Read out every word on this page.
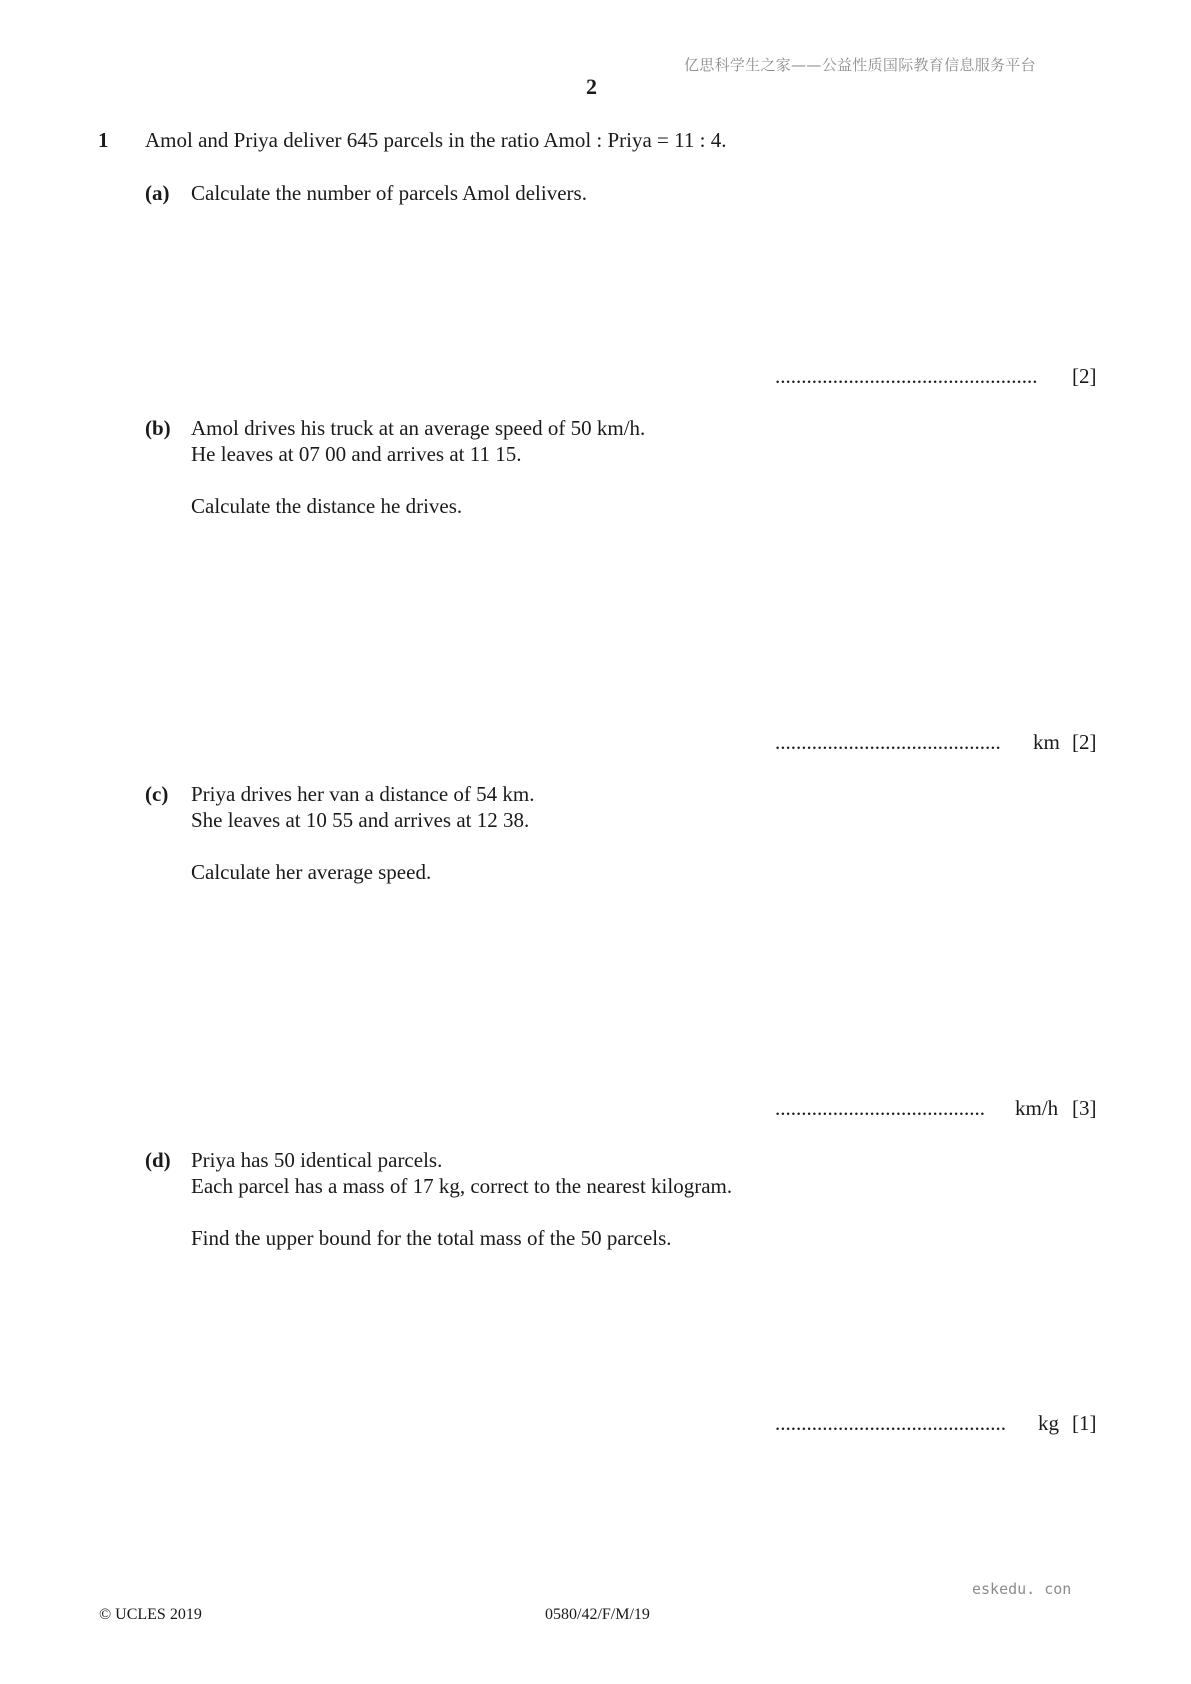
亿思科学生之家——公益性质国际教育信息服务平台
2
1 Amol and Priya deliver 645 parcels in the ratio Amol : Priya = 11 : 4.
(a) Calculate the number of parcels Amol delivers.
.................................................. [2]
(b) Amol drives his truck at an average speed of 50 km/h.
He leaves at 07 00 and arrives at 11 15.
Calculate the distance he drives.
........................................... km [2]
(c) Priya drives her van a distance of 54 km.
She leaves at 10 55 and arrives at 12 38.
Calculate her average speed.
........................................ km/h [3]
(d) Priya has 50 identical parcels.
Each parcel has a mass of 17 kg, correct to the nearest kilogram.
Find the upper bound for the total mass of the 50 parcels.
............................................ kg [1]
eskedu. con
© UCLES 2019	0580/42/F/M/19
